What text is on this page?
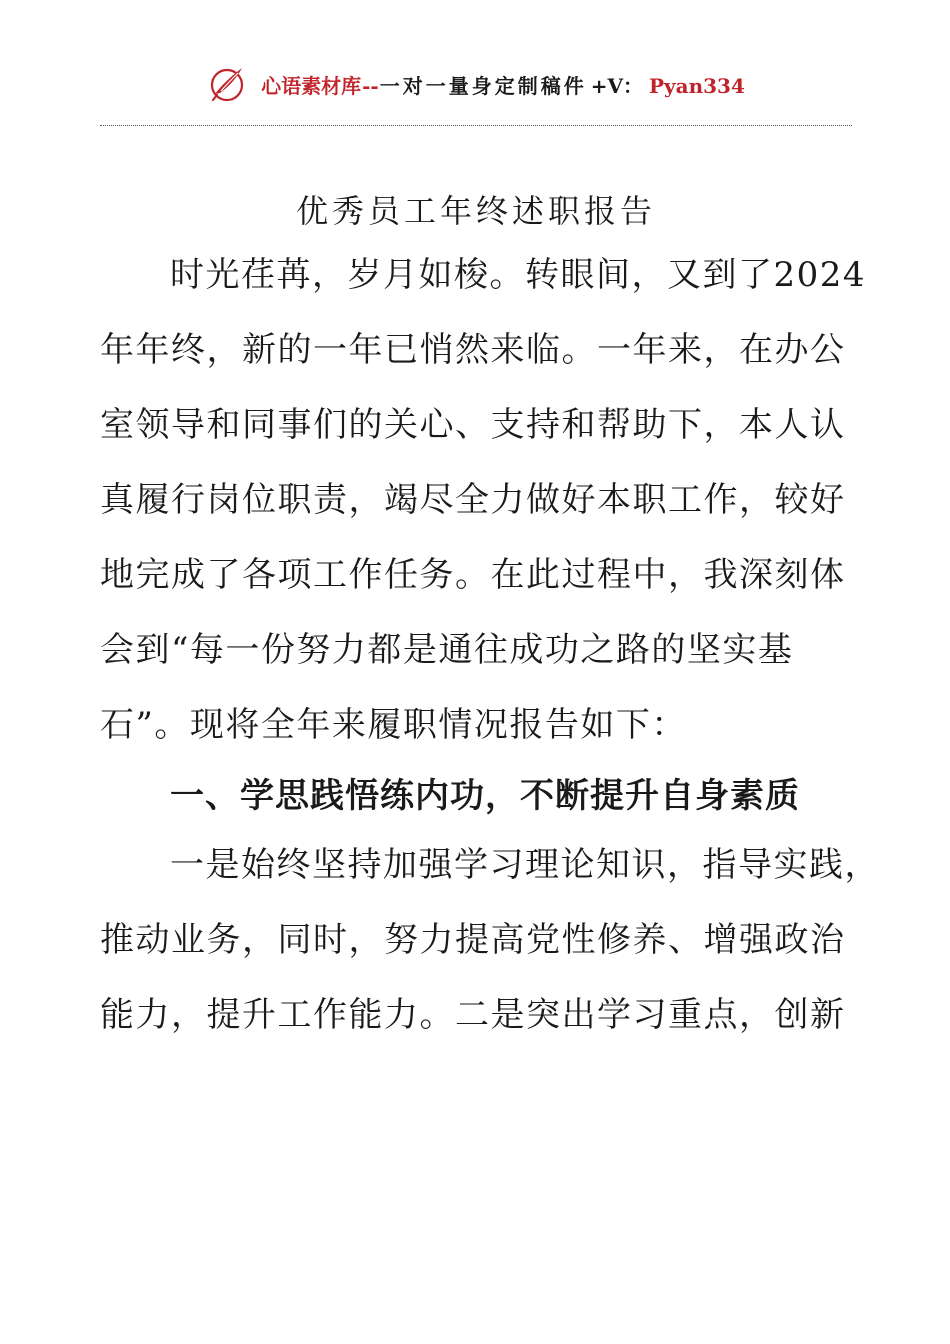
心语素材库 -- 一对一量身定制稿件 +V： Pyan334
优秀员工年终述职报告
时光荏苒，岁月如梭。转眼间，又到了2024
年年终，新的一年已悄然来临。一年来，在办公
室领导和同事们的关心、支持和帮助下，本人认
真履行岗位职责，竭尽全力做好本职工作，较好
地完成了各项工作任务。在此过程中，我深刻体
会到“每一份努力都是通往成功之路的坚实基
石”。现将全年来履职情况报告如下：
一、学思践悟练内功，不断提升自身素质
一是始终坚持加强学习理论知识，指导实践，
推动业务，同时，努力提高党性修养、增强政治
能力，提升工作能力。二是突出学习重点，创新
